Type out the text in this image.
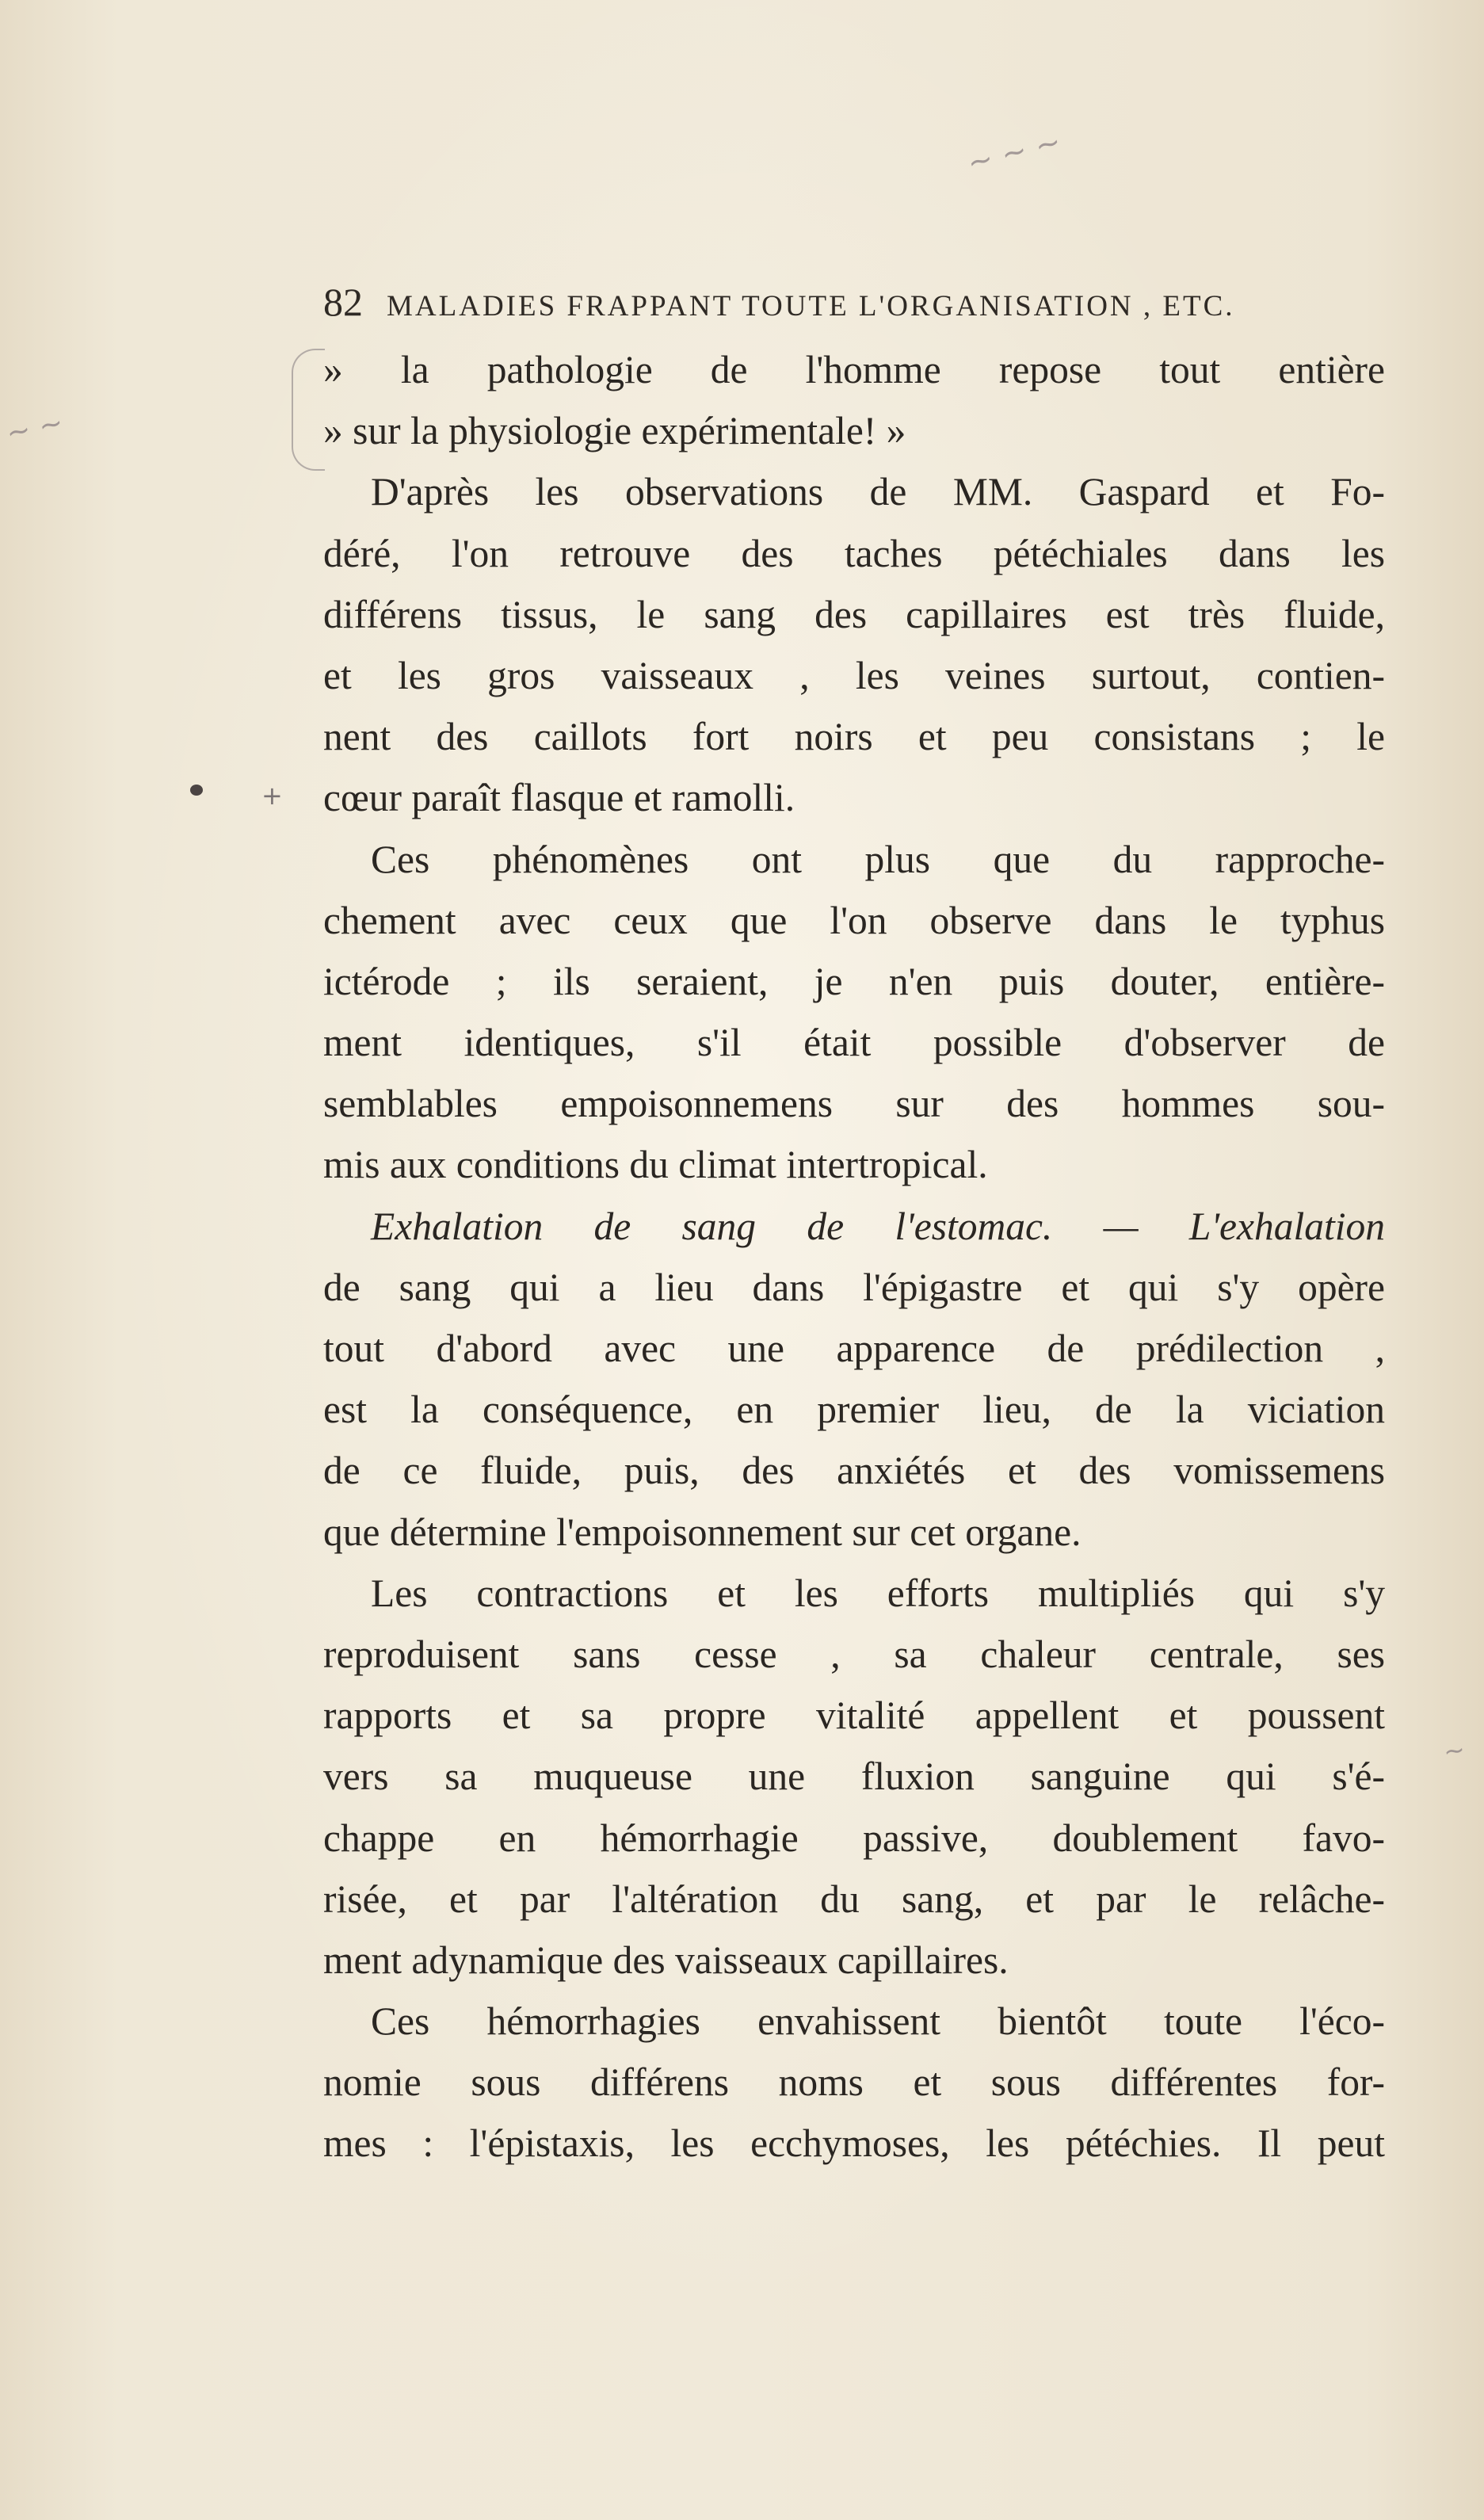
~ ~ ~
~ ~
~
+
82 MALADIES FRAPPANT TOUTE L'ORGANISATION , ETC.
» la pathologie de l'homme repose tout entière
» sur la physiologie expérimentale! »
D'après les observations de MM. Gaspard et Fo-
déré, l'on retrouve des taches pétéchiales dans les
différens tissus, le sang des capillaires est très fluide,
et les gros vaisseaux , les veines surtout, contien-
nent des caillots fort noirs et peu consistans ; le
cœur paraît flasque et ramolli.
Ces phénomènes ont plus que du rapproche-
chement avec ceux que l'on observe dans le typhus
ictérode ; ils seraient, je n'en puis douter, entière-
ment identiques, s'il était possible d'observer de
semblables empoisonnemens sur des hommes sou-
mis aux conditions du climat intertropical.
Exhalation de sang de l'estomac. — L'exhalation
de sang qui a lieu dans l'épigastre et qui s'y opère
tout d'abord avec une apparence de prédilection ,
est la conséquence, en premier lieu, de la viciation
de ce fluide, puis, des anxiétés et des vomissemens
que détermine l'empoisonnement sur cet organe.
Les contractions et les efforts multipliés qui s'y
reproduisent sans cesse , sa chaleur centrale, ses
rapports et sa propre vitalité appellent et poussent
vers sa muqueuse une fluxion sanguine qui s'é-
chappe en hémorrhagie passive, doublement favo-
risée, et par l'altération du sang, et par le relâche-
ment adynamique des vaisseaux capillaires.
Ces hémorrhagies envahissent bientôt toute l'éco-
nomie sous différens noms et sous différentes for-
mes : l'épistaxis, les ecchymoses, les pétéchies. Il peut
